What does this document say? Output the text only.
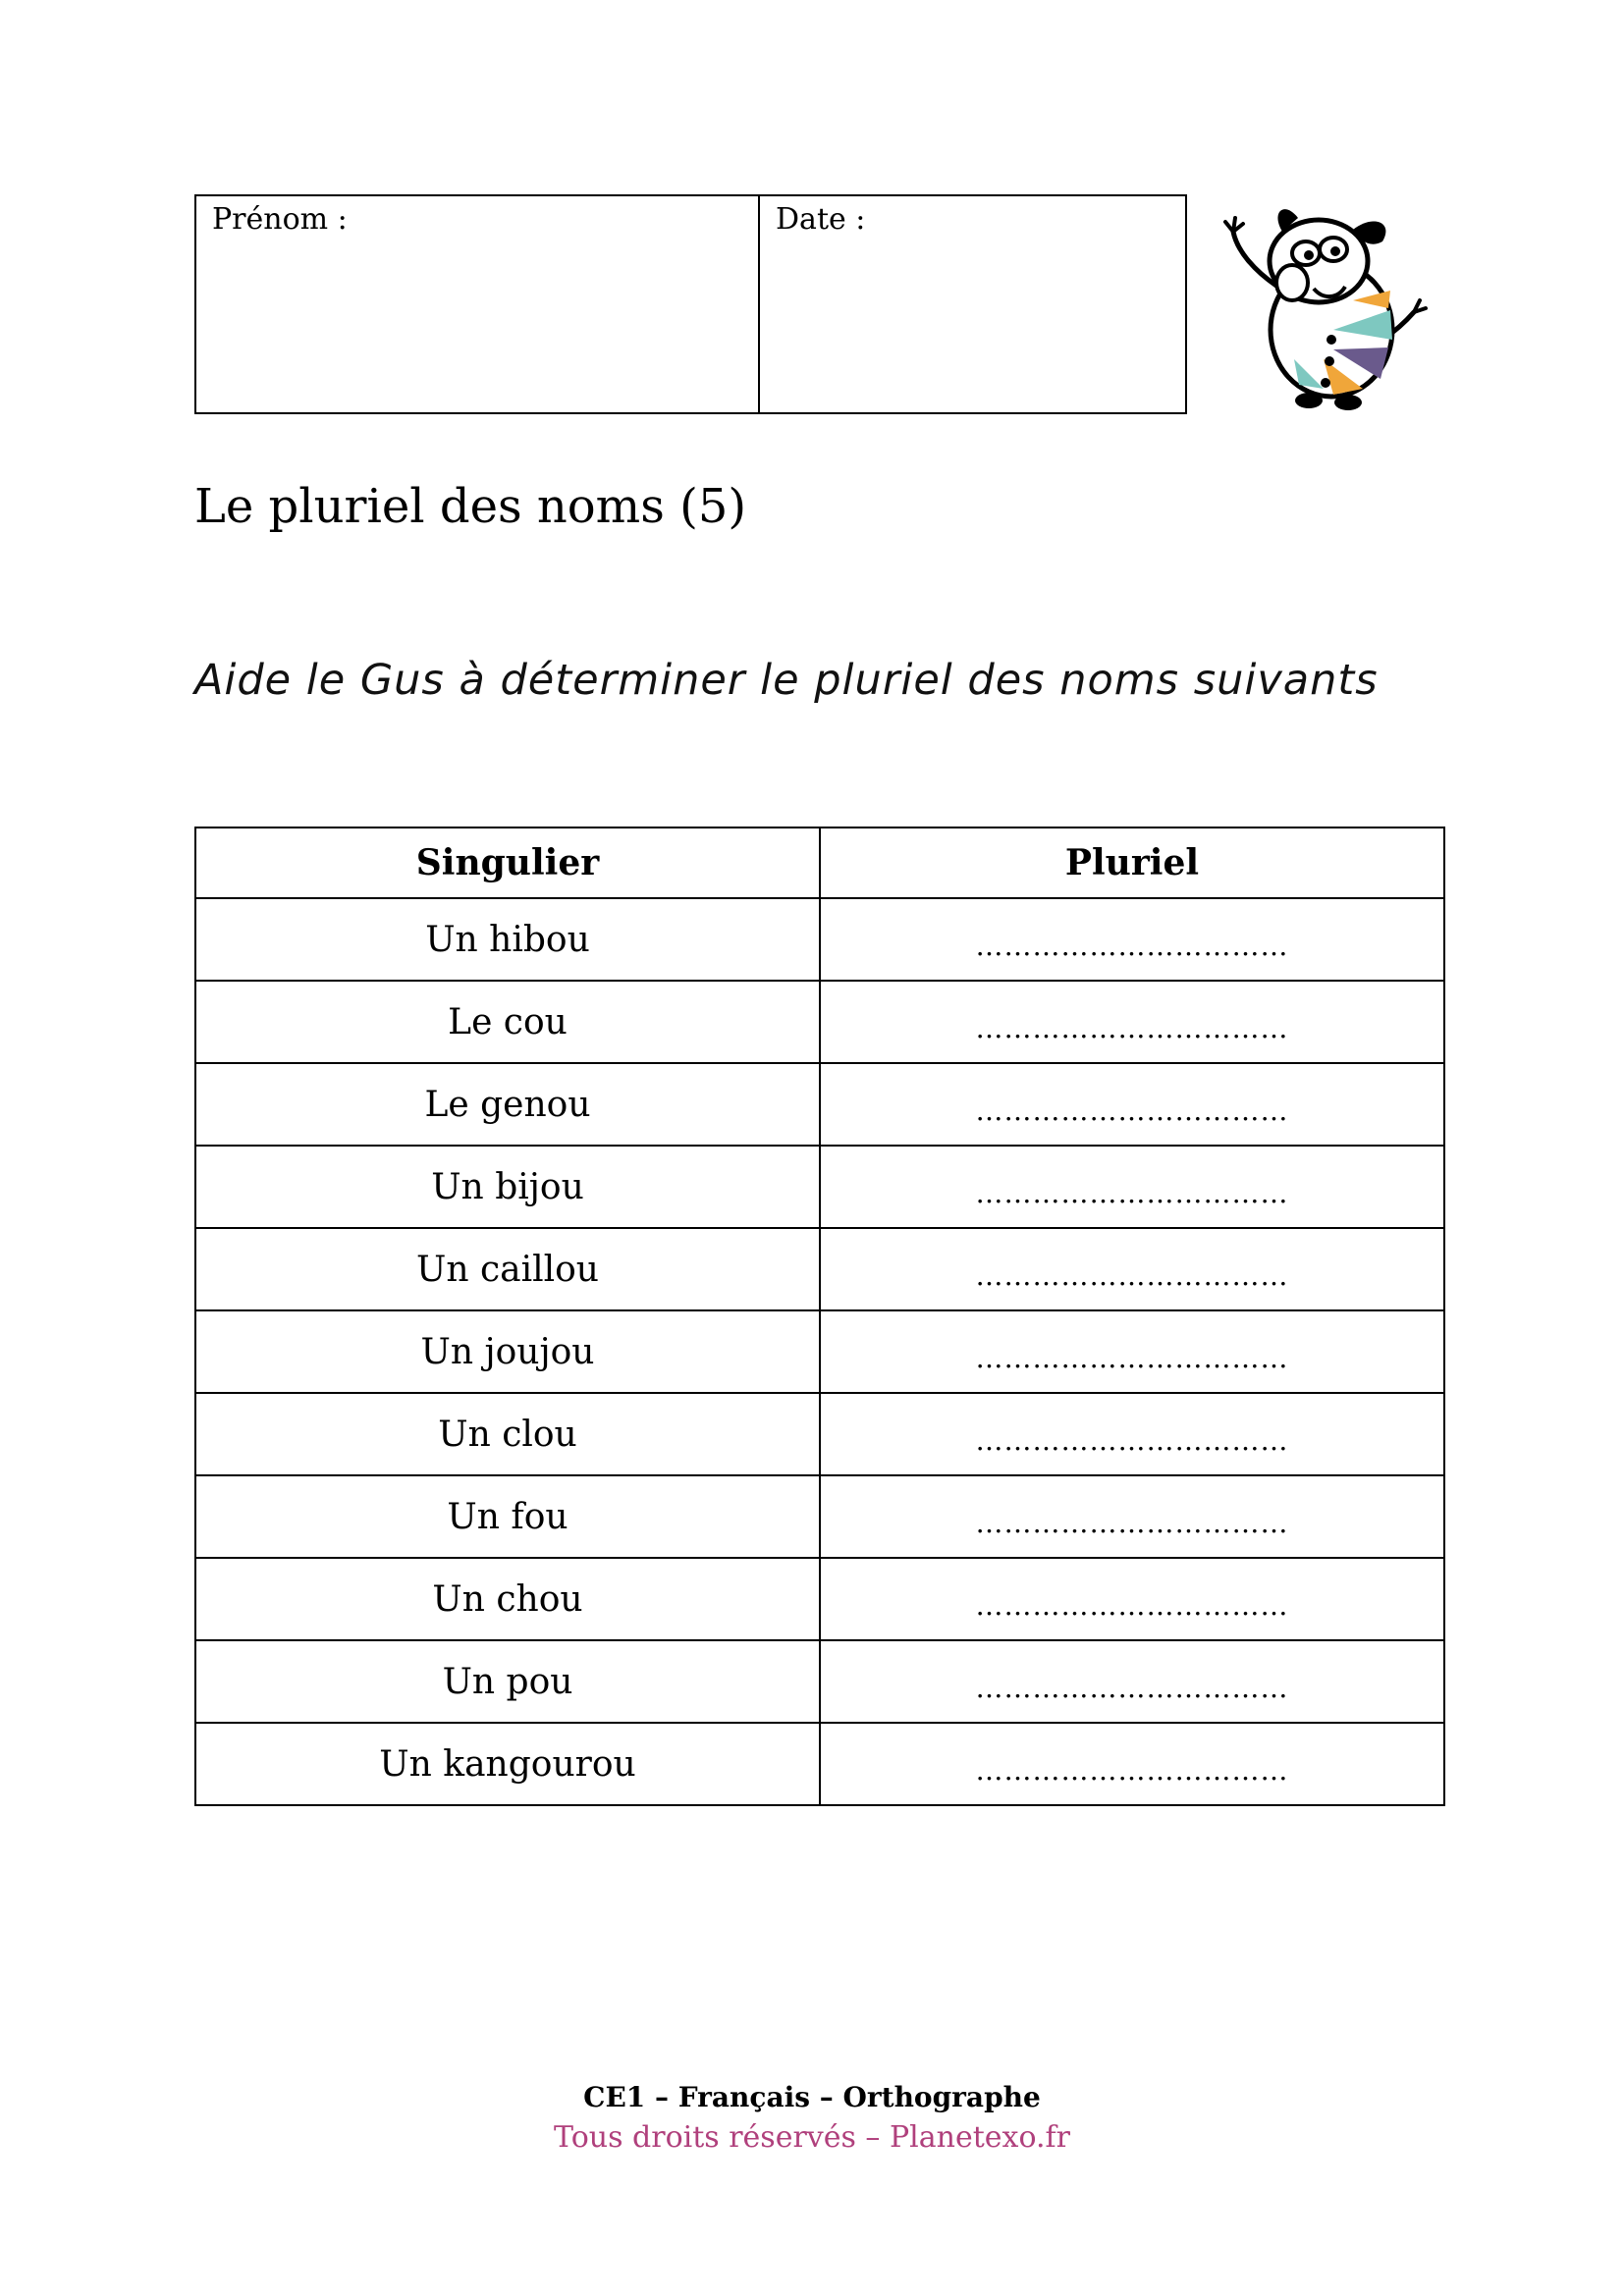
Prénom :	Date :
Le pluriel des noms (5)
Aide le Gus à déterminer le pluriel des noms suivants
Singulier	Pluriel
Un hibou	……………………………
Le cou	……………………………
Le genou	……………………………
Un bijou	……………………………
Un caillou	……………………………
Un joujou	……………………………
Un clou	……………………………
Un fou	……………………………
Un chou	……………………………
Un pou	……………………………
Un kangourou	……………………………
CE1 – Français – Orthographe
Tous droits réservés – Planetexo.fr
